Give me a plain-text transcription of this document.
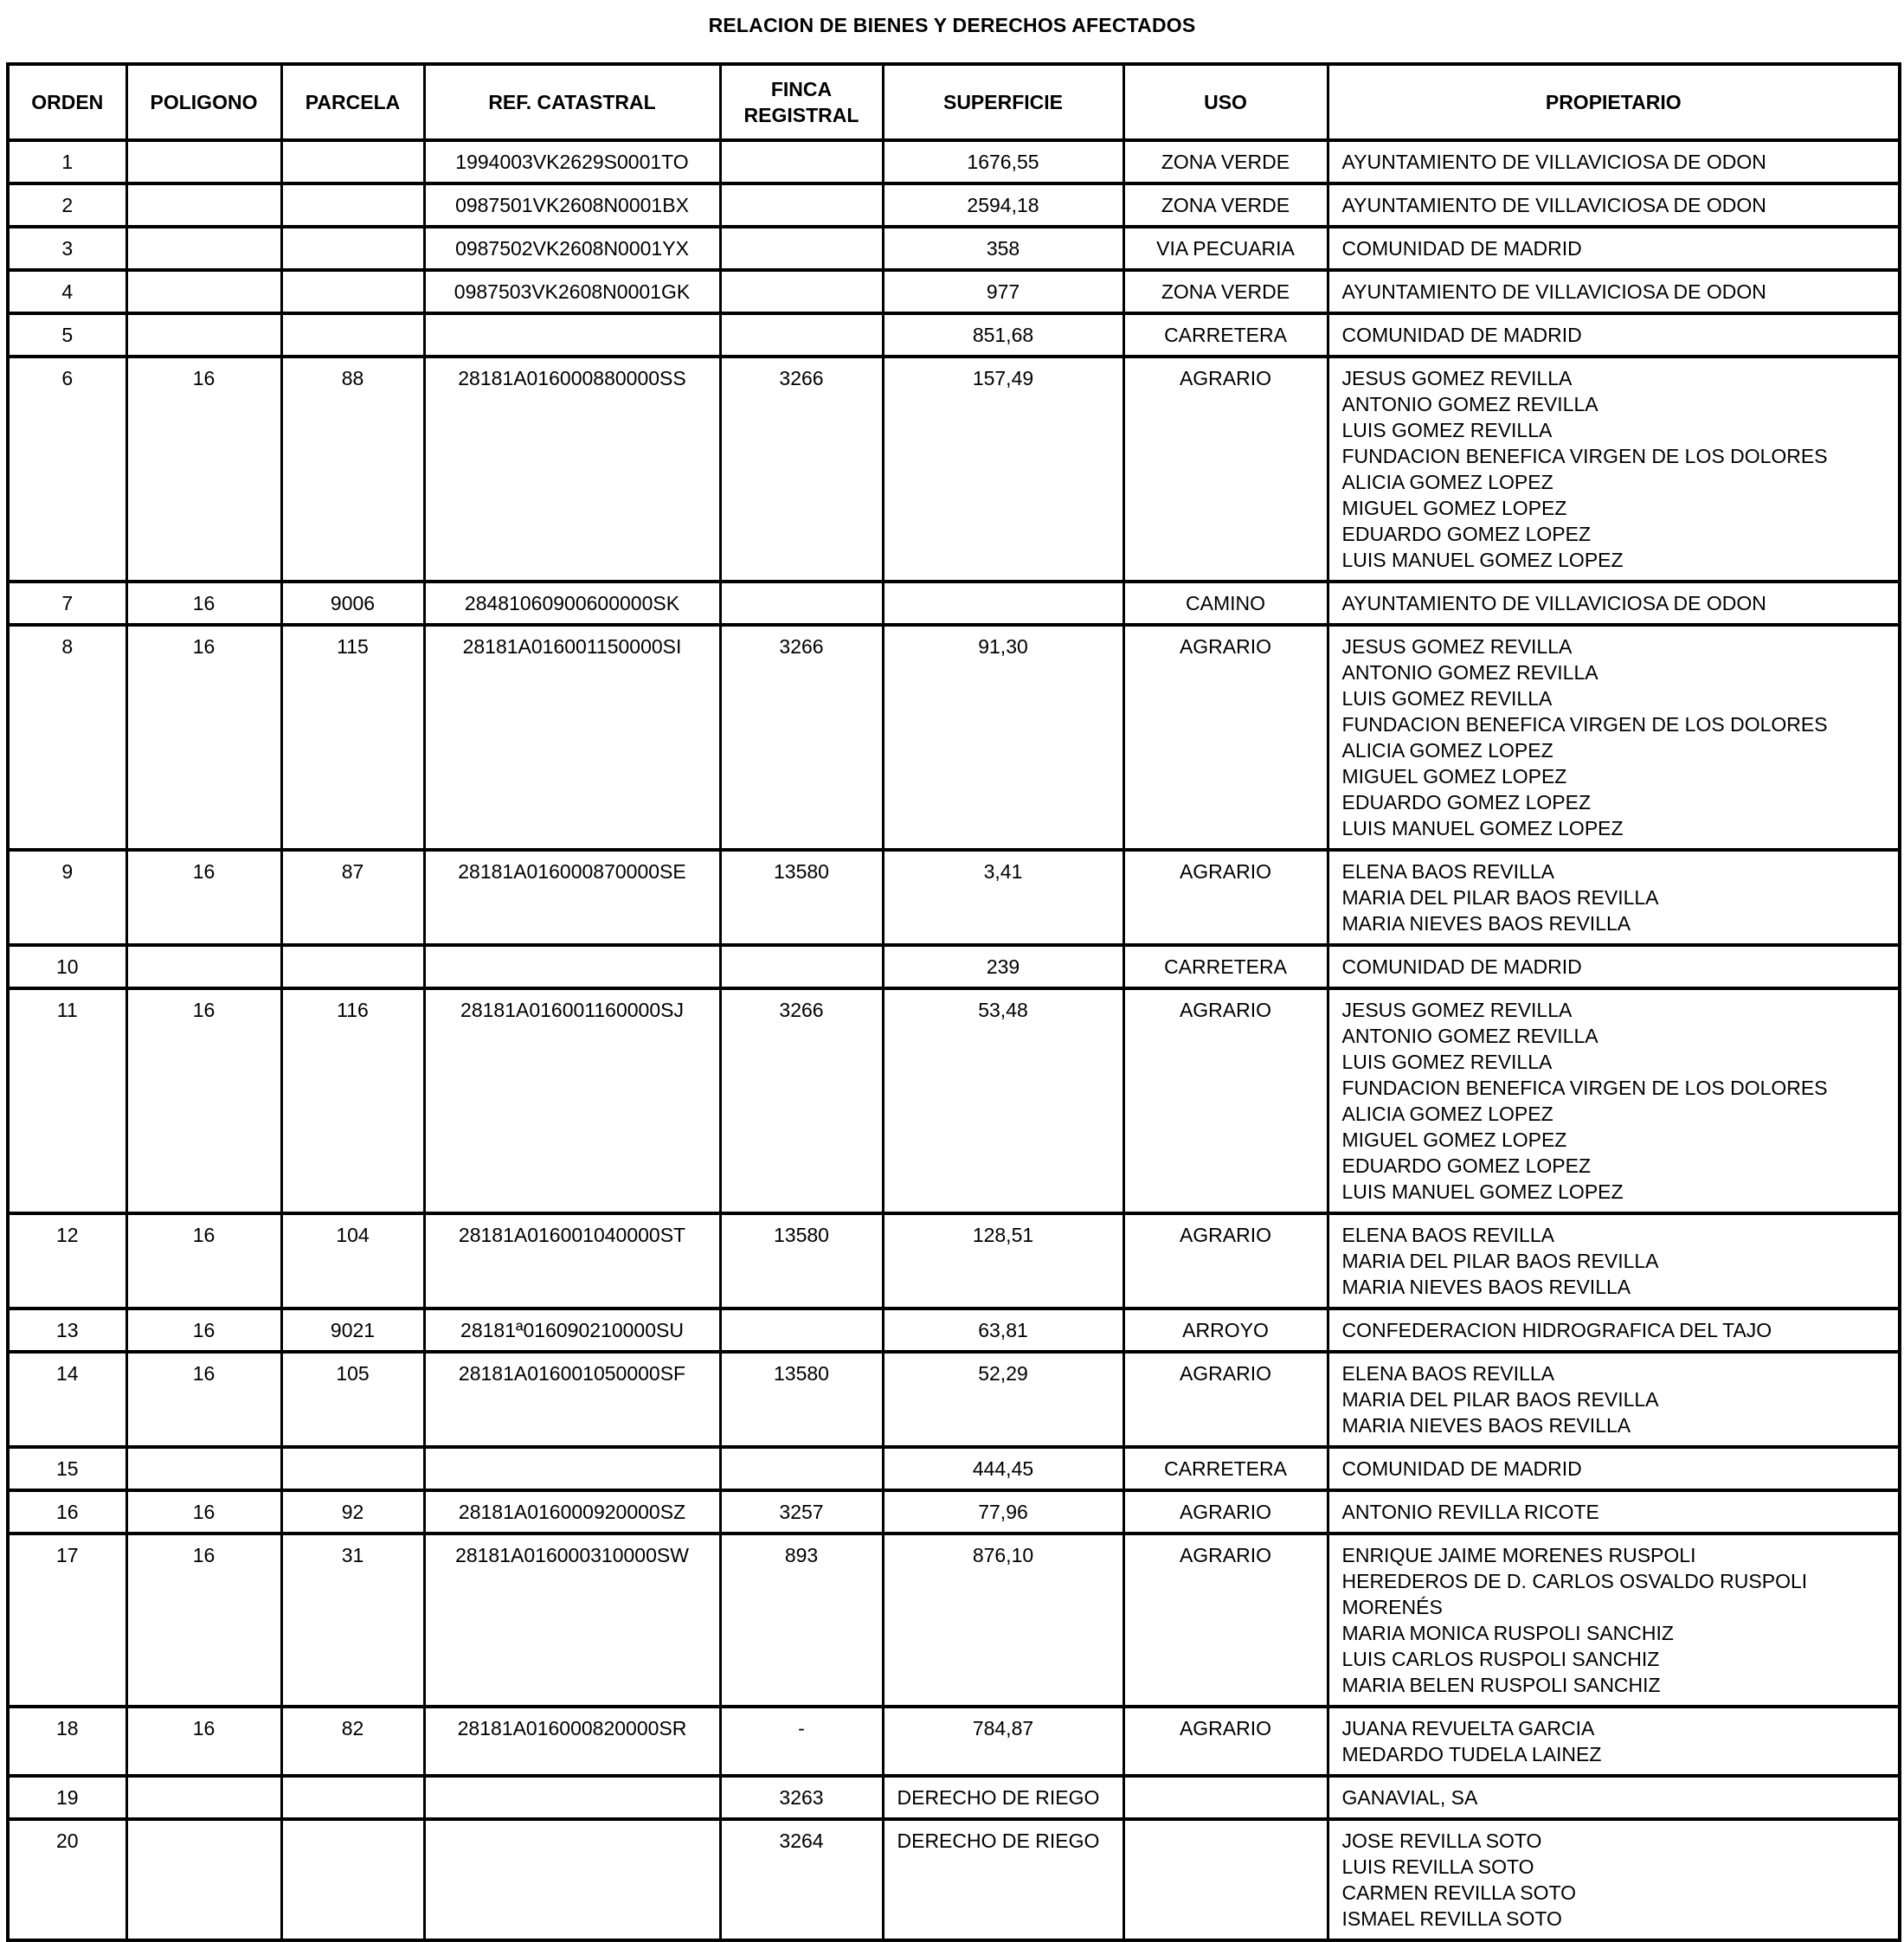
RELACION DE BIENES Y DERECHOS AFECTADOS
ORDEN	POLIGONO	PARCELA	REF. CATASTRAL	FINCA REGISTRAL	SUPERFICIE	USO	PROPIETARIO
1			1994003VK2629S0001TO		1676,55	ZONA VERDE	AYUNTAMIENTO DE VILLAVICIOSA DE ODON

2			0987501VK2608N0001BX		2594,18	ZONA VERDE	AYUNTAMIENTO DE VILLAVICIOSA DE ODON

3			0987502VK2608N0001YX		358	VIA PECUARIA	COMUNIDAD DE MADRID

4			0987503VK2608N0001GK		977	ZONA VERDE	AYUNTAMIENTO DE VILLAVICIOSA DE ODON

5					851,68	CARRETERA	COMUNIDAD DE MADRID

6	16	88	28181A016000880000SS	3266	157,49	AGRARIO	JESUS GOMEZ REVILLA
ANTONIO GOMEZ REVILLA
LUIS GOMEZ REVILLA
FUNDACION BENEFICA VIRGEN DE LOS DOLORES
ALICIA GOMEZ LOPEZ
MIGUEL GOMEZ LOPEZ
EDUARDO GOMEZ LOPEZ
LUIS MANUEL GOMEZ LOPEZ

7	16	9006	28481060900600000SK			CAMINO	AYUNTAMIENTO DE VILLAVICIOSA DE ODON

8	16	115	28181A016001150000SI	3266	91,30	AGRARIO	JESUS GOMEZ REVILLA
ANTONIO GOMEZ REVILLA
LUIS GOMEZ REVILLA
FUNDACION BENEFICA VIRGEN DE LOS DOLORES
ALICIA GOMEZ LOPEZ
MIGUEL GOMEZ LOPEZ
EDUARDO GOMEZ LOPEZ
LUIS MANUEL GOMEZ LOPEZ

9	16	87	28181A016000870000SE	13580	3,41	AGRARIO	ELENA BAOS REVILLA
MARIA DEL PILAR BAOS REVILLA
MARIA NIEVES BAOS REVILLA

10					239	CARRETERA	COMUNIDAD DE MADRID

11	16	116	28181A016001160000SJ	3266	53,48	AGRARIO	JESUS GOMEZ REVILLA
ANTONIO GOMEZ REVILLA
LUIS GOMEZ REVILLA
FUNDACION BENEFICA VIRGEN DE LOS DOLORES
ALICIA GOMEZ LOPEZ
MIGUEL GOMEZ LOPEZ
EDUARDO GOMEZ LOPEZ
LUIS MANUEL GOMEZ LOPEZ

12	16	104	28181A016001040000ST	13580	128,51	AGRARIO	ELENA BAOS REVILLA
MARIA DEL PILAR BAOS REVILLA
MARIA NIEVES BAOS REVILLA

13	16	9021	28181ª016090210000SU		63,81	ARROYO	CONFEDERACION HIDROGRAFICA DEL TAJO

14	16	105	28181A016001050000SF	13580	52,29	AGRARIO	ELENA BAOS REVILLA
MARIA DEL PILAR BAOS REVILLA
MARIA NIEVES BAOS REVILLA

15					444,45	CARRETERA	COMUNIDAD DE MADRID

16	16	92	28181A016000920000SZ	3257	77,96	AGRARIO	ANTONIO REVILLA RICOTE

17	16	31	28181A016000310000SW	893	876,10	AGRARIO	ENRIQUE JAIME MORENES RUSPOLI
HEREDEROS DE D. CARLOS OSVALDO RUSPOLI MORENÉS
MARIA MONICA RUSPOLI SANCHIZ
LUIS CARLOS RUSPOLI SANCHIZ
MARIA BELEN RUSPOLI SANCHIZ

18	16	82	28181A016000820000SR	-	784,87	AGRARIO	JUANA REVUELTA GARCIA
MEDARDO TUDELA LAINEZ

19				3263	DERECHO DE RIEGO		GANAVIAL, SA

20				3264	DERECHO DE RIEGO		JOSE REVILLA SOTO
LUIS REVILLA SOTO
CARMEN REVILLA SOTO
ISMAEL REVILLA SOTO
